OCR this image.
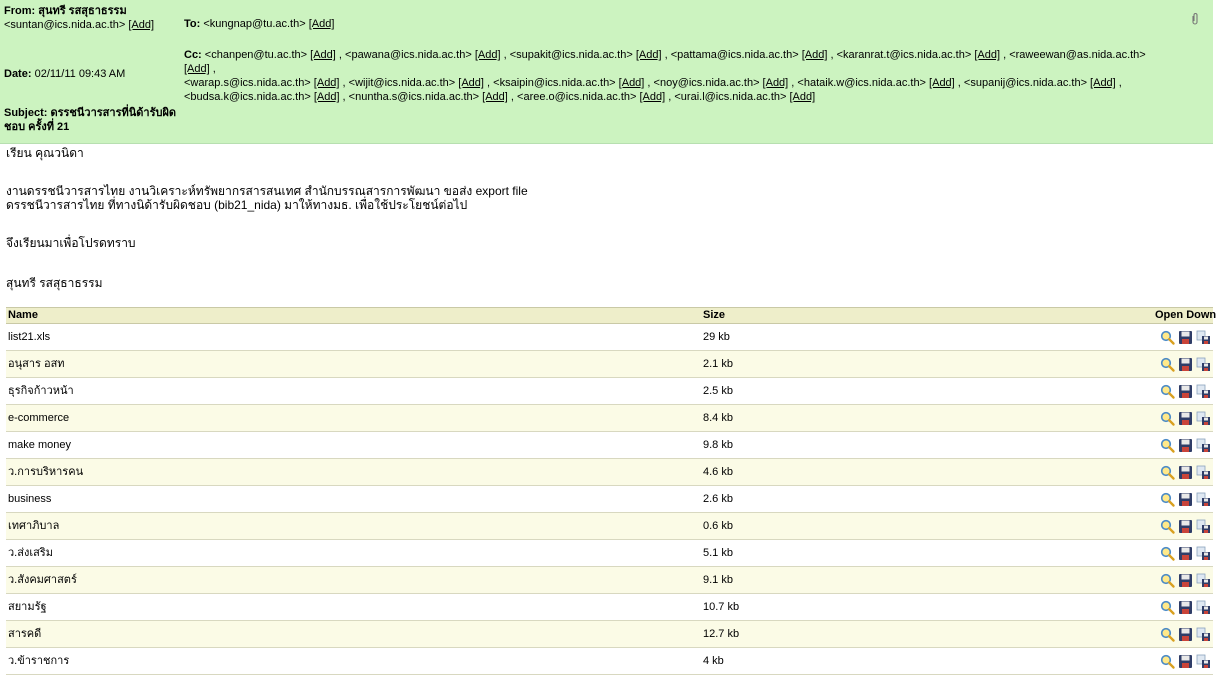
From: สุนทรี รสสุธาธรรม
<suntan@ics.nida.ac.th> [Add]
Date: 02/11/11 09:43 AM
Subject: ดรรชนีวารสารที่นิด้ารับผิดชอบ ครั้งที่ 21
To: <kungnap@tu.ac.th> [Add]
Cc: <chanpen@tu.ac.th> [Add] , <pawana@ics.nida.ac.th> [Add] , <supakit@ics.nida.ac.th> [Add] , <pattama@ics.nida.ac.th> [Add] , <karanrat.t@ics.nida.ac.th> [Add] , <raweewan@as.nida.ac.th> [Add] ,
<warap.s@ics.nida.ac.th> [Add] , <wijit@ics.nida.ac.th> [Add] , <ksaipin@ics.nida.ac.th> [Add] , <noy@ics.nida.ac.th> [Add] , <hataik.w@ics.nida.ac.th> [Add] , <supanij@ics.nida.ac.th> [Add] ,
<budsa.k@ics.nida.ac.th> [Add] , <nuntha.s@ics.nida.ac.th> [Add] , <aree.o@ics.nida.ac.th> [Add] , <urai.l@ics.nida.ac.th> [Add]

เรียน คุณวนิดา

งานดรรชนีวารสารไทย งานวิเคราะห์ทรัพยากรสารสนเทศ สำนักบรรณสารการพัฒนา ขอส่ง export file

ดรรชนีวารสารไทย ที่ทางนิด้ารับผิดชอบ (bib21_nida) มาให้ทางมธ. เพื่อใช้ประโยชน์ต่อไป

จึงเรียนมาเพื่อโปรดทราบ

สุนทรี รสสุธาธรรม

Name	Size	Open Down
list21.xls	29 kb
อนุสาร อสท	2.1 kb
ธุรกิจก้าวหน้า	2.5 kb
e-commerce	8.4 kb
make money	9.8 kb
ว.การบริหารคน	4.6 kb
business	2.6 kb
เทศาภิบาล	0.6 kb
ว.ส่งเสริม	5.1 kb
ว.สังคมศาสตร์	9.1 kb
สยามรัฐ	10.7 kb
สารคดี	12.7 kb
ว.ข้าราชการ	4 kb
